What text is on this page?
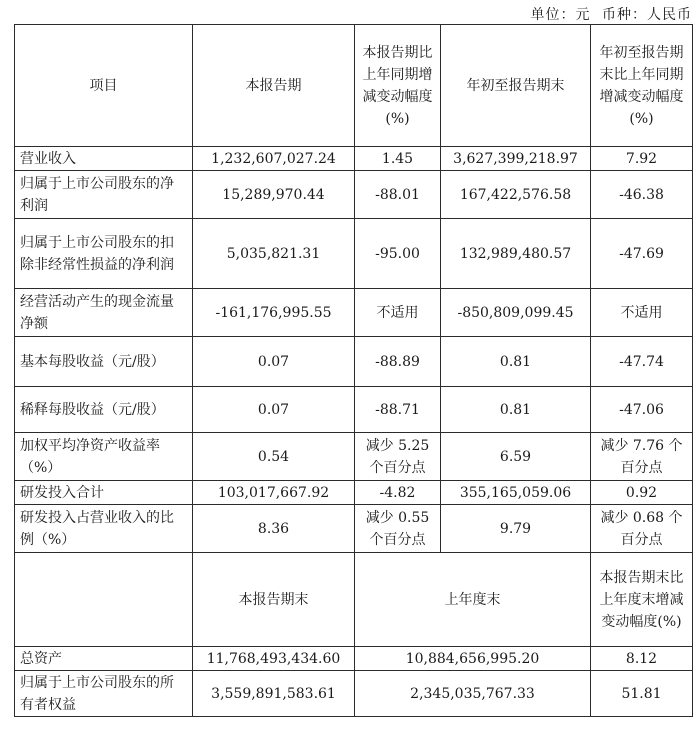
单位：元 币种：人民币
项目	本报告期	本报告期比上年同期增减变动幅度(%)	年初至报告期末	年初至报告期末比上年同期增减变动幅度(%)
营业收入	1,232,607,027.24	1.45	3,627,399,218.97	7.92
归属于上市公司股东的净利润	15,289,970.44	-88.01	167,422,576.58	-46.38
归属于上市公司股东的扣除非经常性损益的净利润	5,035,821.31	-95.00	132,989,480.57	-47.69
经营活动产生的现金流量净额	-161,176,995.55	不适用	-850,809,099.45	不适用
基本每股收益（元/股）	0.07	-88.89	0.81	-47.74
稀释每股收益（元/股）	0.07	-88.71	0.81	-47.06
加权平均净资产收益率（%）	0.54	减少 5.25 个百分点	6.59	减少 7.76 个百分点
研发投入合计	103,017,667.92	-4.82	355,165,059.06	0.92
研发投入占营业收入的比例（%）	8.36	减少 0.55 个百分点	9.79	减少 0.68 个百分点
	本报告期末	上年度末		本报告期末比上年度末增减变动幅度(%)
总资产	11,768,493,434.60	10,884,656,995.20		8.12
归属于上市公司股东的所有者权益	3,559,891,583.61	2,345,035,767.33		51.81
